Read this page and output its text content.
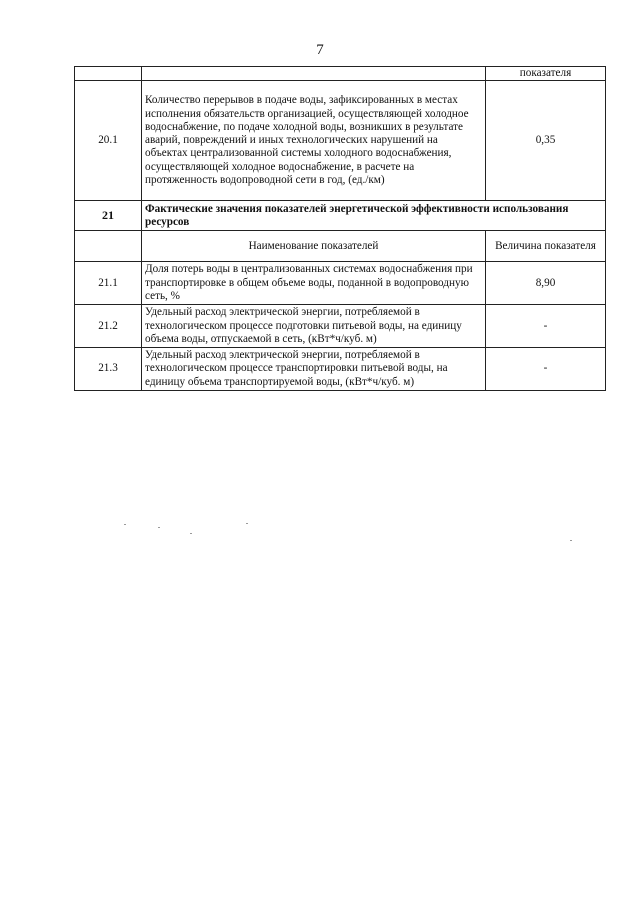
7
		показателя
20.1	Количество перерывов в подаче воды, зафиксированных в местах исполнения обязательств организацией, осуществляющей холодное водоснабжение, по подаче холодной воды, возникших в результате аварий, повреждений и иных технологических нарушений на объектах централизованной системы холодного водоснабжения, осуществляющей холодное водоснабжение, в расчете на протяженность водопроводной сети в год, (ед./км)	0,35
21	Фактические значения показателей энергетической эффективности использования ресурсов	
	Наименование показателей	Величина показателя
21.1	Доля потерь воды в централизованных системах водоснабжения при транспортировке в общем объеме воды, поданной в водопроводную сеть, %	8,90
21.2	Удельный расход электрической энергии, потребляемой в технологическом процессе подготовки питьевой воды, на единицу объема воды, отпускаемой в сеть, (кВт*ч/куб. м)	-
21.3	Удельный расход электрической энергии, потребляемой в технологическом процессе транспортировки питьевой воды, на единицу объема транспортируемой воды, (кВт*ч/куб. м)	-
